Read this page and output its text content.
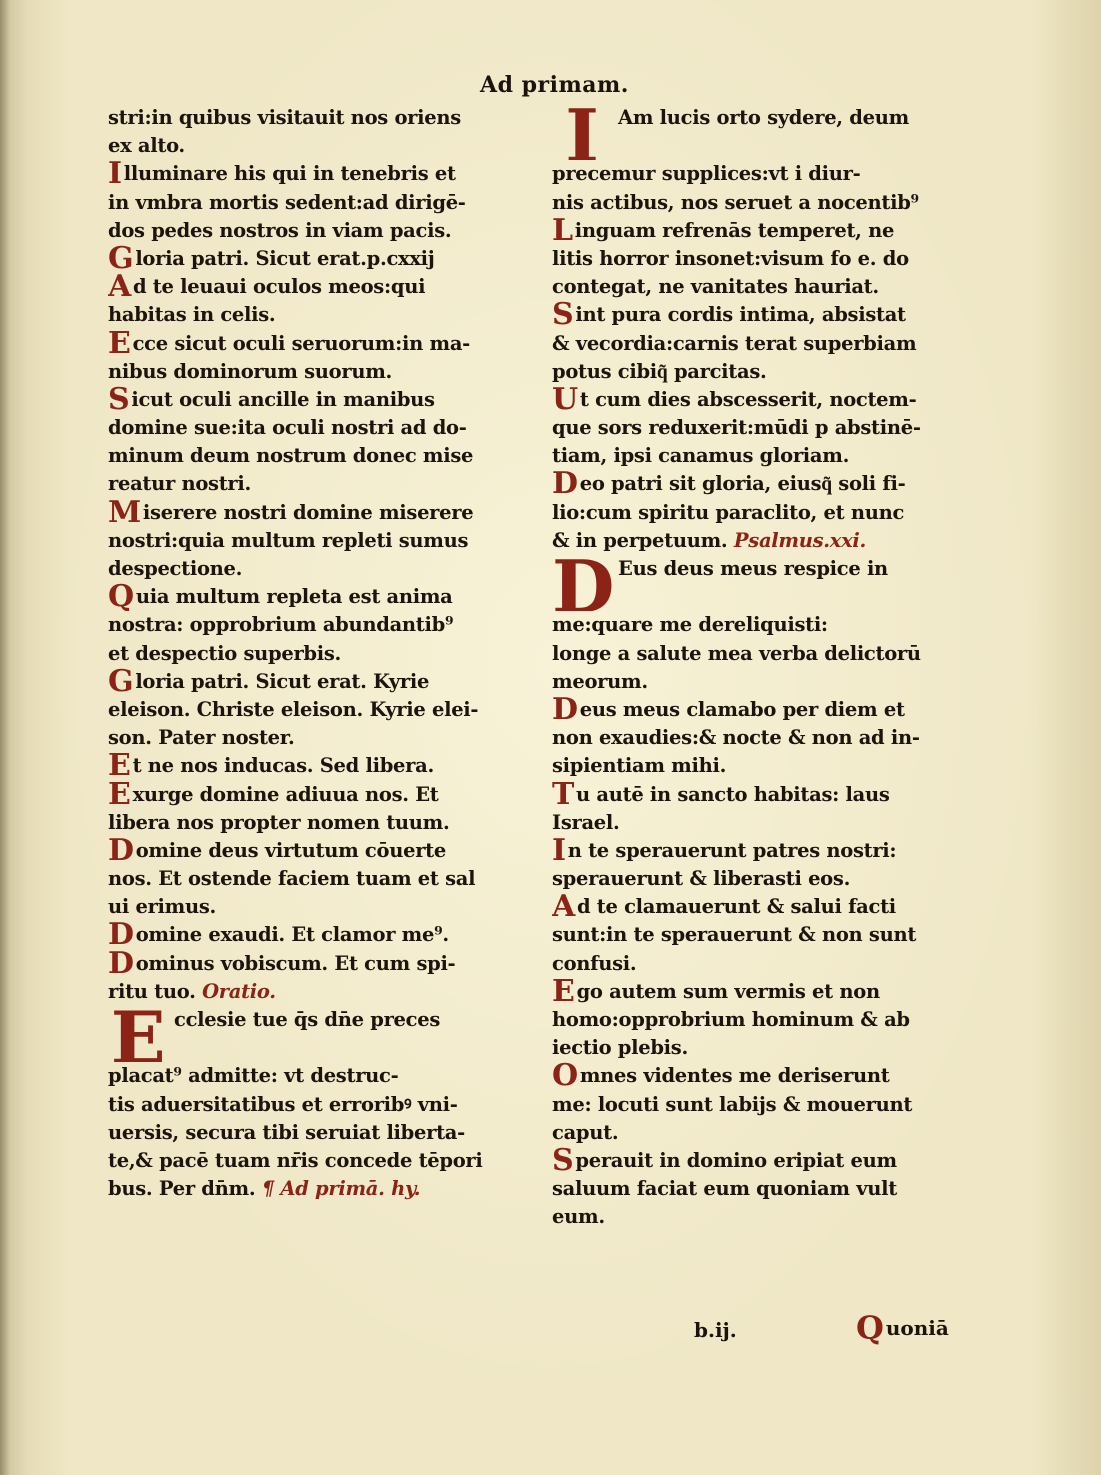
Ad primam.
stri:in quibus visitauit nos oriens
ex alto.
Illuminare his qui in tenebris et
in vmbra mortis sedent:ad dirigē-
dos pedes nostros in viam pacis.
Gloria patri. Sicut erat.p.cxxij
Ad te leuaui oculos meos:qui
habitas in celis.
Ecce sicut oculi seruorum:in ma-
nibus dominorum suorum.
Sicut oculi ancille in manibus
domine sue:ita oculi nostri ad do-
minum deum nostrum donec mise
reatur nostri.
Miserere nostri domine miserere
nostri:quia multum repleti sumus
despectione.
Quia multum repleta est anima
nostra: opprobrium abundantib⁹
et despectio superbis.
Gloria patri. Sicut erat. Kyrie
eleison. Christe eleison. Kyrie elei-
son. Pater noster.
Et ne nos inducas. Sed libera.
Exurge domine adiuua nos. Et
libera nos propter nomen tuum.
Domine deus virtutum cōuerte
nos. Et ostende faciem tuam et sal
ui erimus.
Domine exaudi. Et clamor me⁹.
Dominus vobiscum. Et cum spi-
ritu tuo. Oratio.
Ecclesie tue q̄s dn̄e preces
placat⁹ admitte: vt destruc-
tis aduersitatibus et erroribꝰ vni-
uersis, secura tibi seruiat liberta-
te,& pacē tuam nr̄is concede tēpori
bus. Per dn̄m. ¶ Ad primā. hy.
I Am lucis orto sydere, deum
precemur supplices:vt i diur-
nis actibus, nos seruet a nocentib⁹
Linguam refrenās temperet, ne
litis horror insonet:visum fo e. do
contegat, ne vanitates hauriat.
Sint pura cordis intima, absistat
& vecordia:carnis terat superbiam
potus cibiq͂ parcitas.
Ut cum dies abscesserit, noctem-
que sors reduxerit:mūdi p abstinē-
tiam, ipsi canamus gloriam.
Deo patri sit gloria, eiusq͂ soli fi-
lio:cum spiritu paraclito, et nunc
& in perpetuum. Psalmus.xxi.
D Eus deus meus respice in
me:quare me dereliquisti:
longe a salute mea verba delictorū
meorum.
Deus meus clamabo per diem et
non exaudies:& nocte & non ad in-
sipientiam mihi.
Tu autē in sancto habitas: laus
Israel.
In te sperauerunt patres nostri:
sperauerunt & liberasti eos.
Ad te clamauerunt & salui facti
sunt:in te sperauerunt & non sunt
confusi.
Ego autem sum vermis et non
homo:opprobrium hominum & ab
iectio plebis.
Omnes videntes me deriserunt
me: locuti sunt labijs & mouerunt
caput.
Sperauit in domino eripiat eum
saluum faciat eum quoniam vult
eum.
b.ij.	Quoniā
